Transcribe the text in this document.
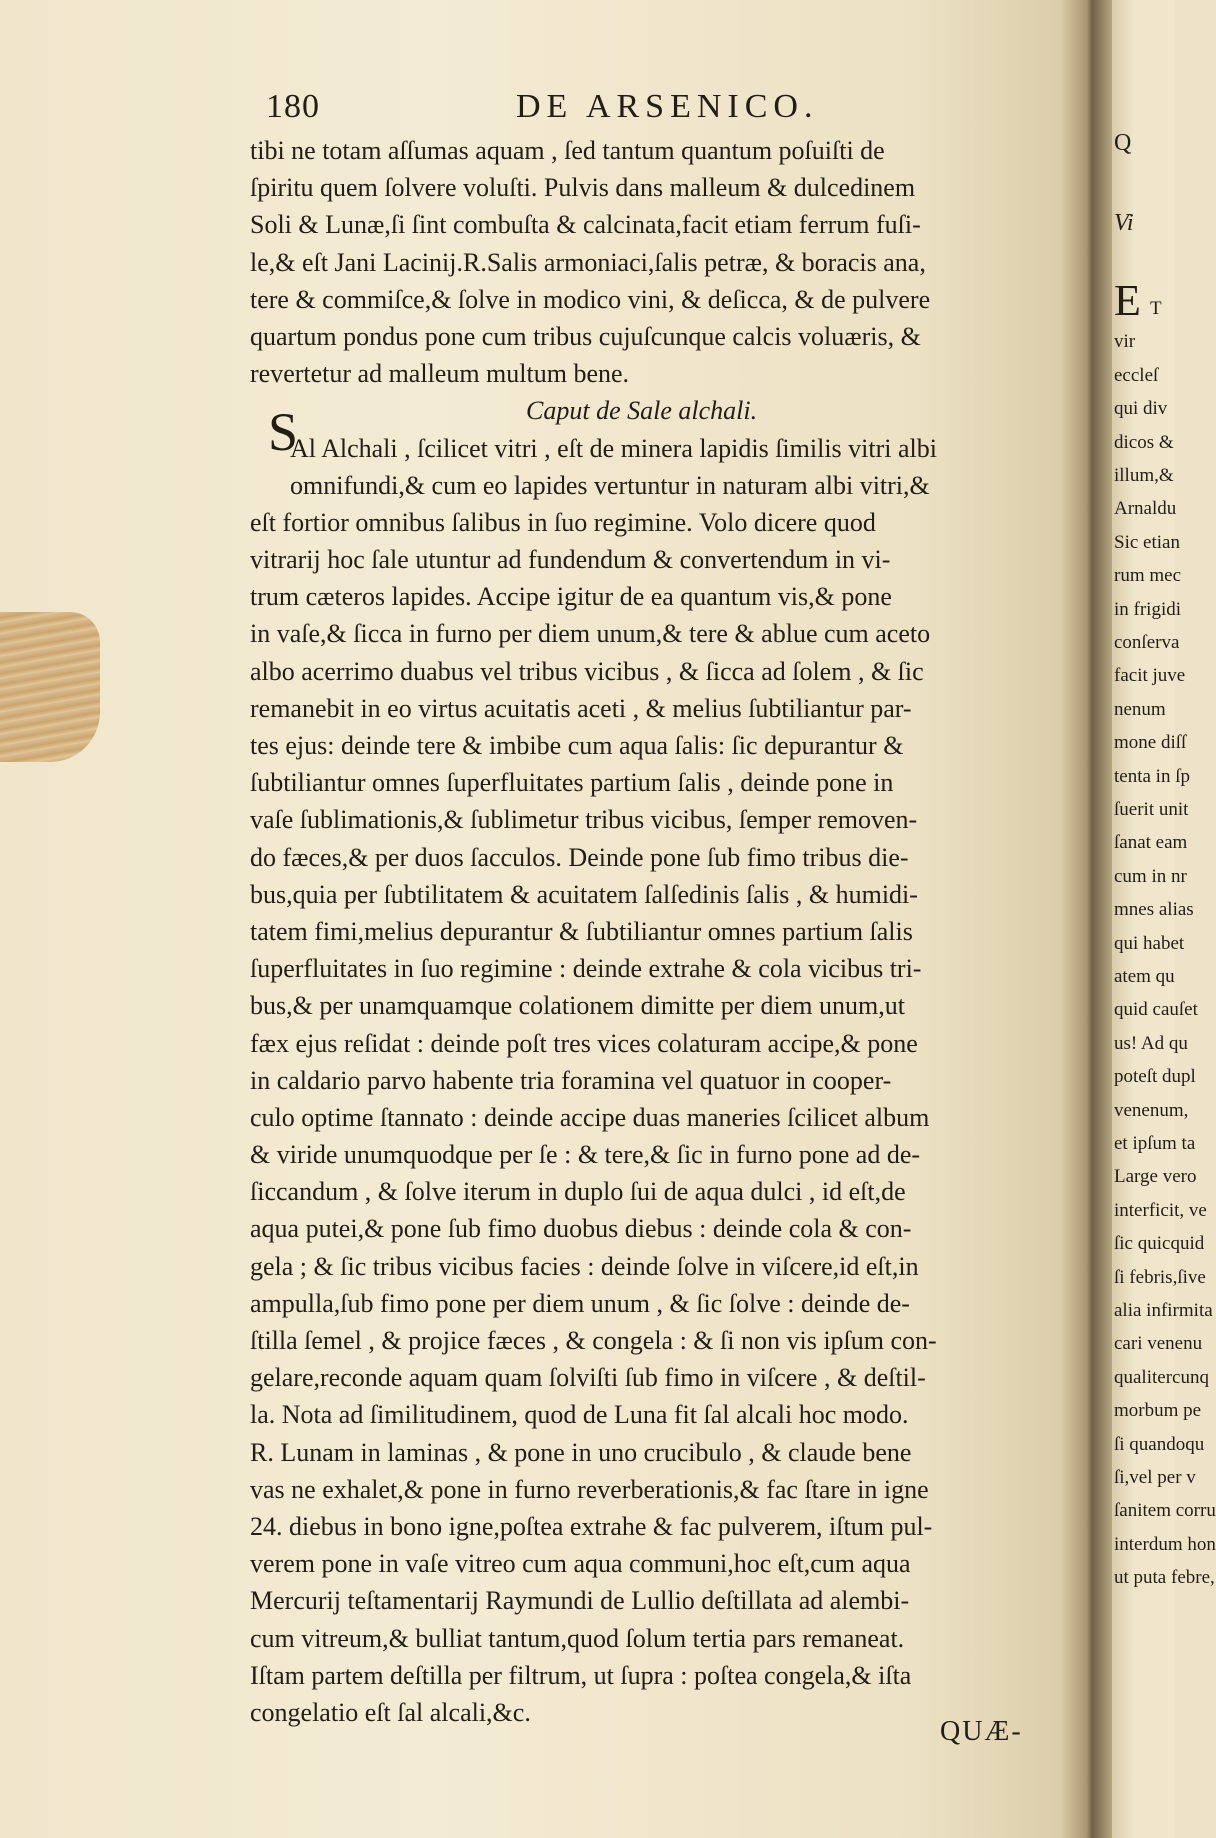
180	DE ARSENICO.
tibi ne totam aſſumas aquam , ſed tantum quantum poſuiſti de
ſpiritu quem ſolvere voluſti. Pulvis dans malleum & dulcedinem
Soli & Lunæ,ſi ſint combuſta & calcinata,facit etiam ferrum fuſi-
le,& eſt Jani Lacinij.R.Salis armoniaci,ſalis petræ, & boracis ana,
tere & commiſce,& ſolve in modico vini, & deſicca, & de pulvere
quartum pondus pone cum tribus cujuſcunque calcis voluæris, &
revertetur ad malleum multum bene.
Caput de Sale alchali.
Al Alchali , ſcilicet vitri , eſt de minera lapidis ſimilis vitri albi
omnifundi,& cum eo lapides vertuntur in naturam albi vitri,&
eſt fortior omnibus ſalibus in ſuo regimine. Volo dicere quod
vitrarij hoc ſale utuntur ad fundendum & convertendum in vi-
trum cæteros lapides. Accipe igitur de ea quantum vis,& pone
in vaſe,& ſicca in furno per diem unum,& tere & ablue cum aceto
albo acerrimo duabus vel tribus vicibus , & ſicca ad ſolem , & ſic
remanebit in eo virtus acuitatis aceti , & melius ſubtiliantur par-
tes ejus: deinde tere & imbibe cum aqua ſalis: ſic depurantur &
ſubtiliantur omnes ſuperfluitates partium ſalis , deinde pone in
vaſe ſublimationis,& ſublimetur tribus vicibus, ſemper removen-
do fæces,& per duos ſacculos. Deinde pone ſub fimo tribus die-
bus,quia per ſubtilitatem & acuitatem ſalſedinis ſalis , & humidi-
tatem fimi,melius depurantur & ſubtiliantur omnes partium ſalis
ſuperfluitates in ſuo regimine : deinde extrahe & cola vicibus tri-
bus,& per unamquamque colationem dimitte per diem unum,ut
fæx ejus reſidat : deinde poſt tres vices colaturam accipe,& pone
in caldario parvo habente tria foramina vel quatuor in cooper-
culo optime ſtannato : deinde accipe duas maneries ſcilicet album
& viride unumquodque per ſe : & tere,& ſic in furno pone ad de-
ſiccandum , & ſolve iterum in duplo ſui de aqua dulci , id eſt,de
aqua putei,& pone ſub fimo duobus diebus : deinde cola & con-
gela ; & ſic tribus vicibus facies : deinde ſolve in viſcere,id eſt,in
ampulla,ſub fimo pone per diem unum , & ſic ſolve : deinde de-
ſtilla ſemel , & projice fæces , & congela : & ſi non vis ipſum con-
gelare,reconde aquam quam ſolviſti ſub fimo in viſcere , & deſtil-
la. Nota ad ſimilitudinem, quod de Luna fit ſal alcali hoc modo.
R. Lunam in laminas , & pone in uno crucibulo , & claude bene
vas ne exhalet,& pone in furno reverberationis,& fac ſtare in igne
24. diebus in bono igne,poſtea extrahe & fac pulverem, iſtum pul-
verem pone in vaſe vitreo cum aqua communi,hoc eſt,cum aqua
Mercurij teſtamentarij Raymundi de Lullio deſtillata ad alembi-
cum vitreum,& bulliat tantum,quod ſolum tertia pars remaneat.
Iſtam partem deſtilla per filtrum, ut ſupra : poſtea congela,& iſta
congelatio eſt ſal alcali,&c.
S
QUÆ-
Q
Vi
E T
vir
eccleſ
qui div
dicos &
illum,&
Arnaldu
Sic etian
rum mec
in frigidi
conſerva
facit juve
nenum
mone diſſ
tenta in ſp
ſuerit unit
ſanat eam
cum in nr
mnes alias
qui habet
atem qu
quid cauſet
us! Ad qu
poteſt dupl
venenum,
et ipſum ta
Large vero
interficit, ve
ſic quicquid
ſi febris,ſive
alia infirmita
cari venenu
qualitercunq
morbum pe
ſi quandoqu
ſi,vel per v
ſanitem corru
interdum hon
ut puta febre,
